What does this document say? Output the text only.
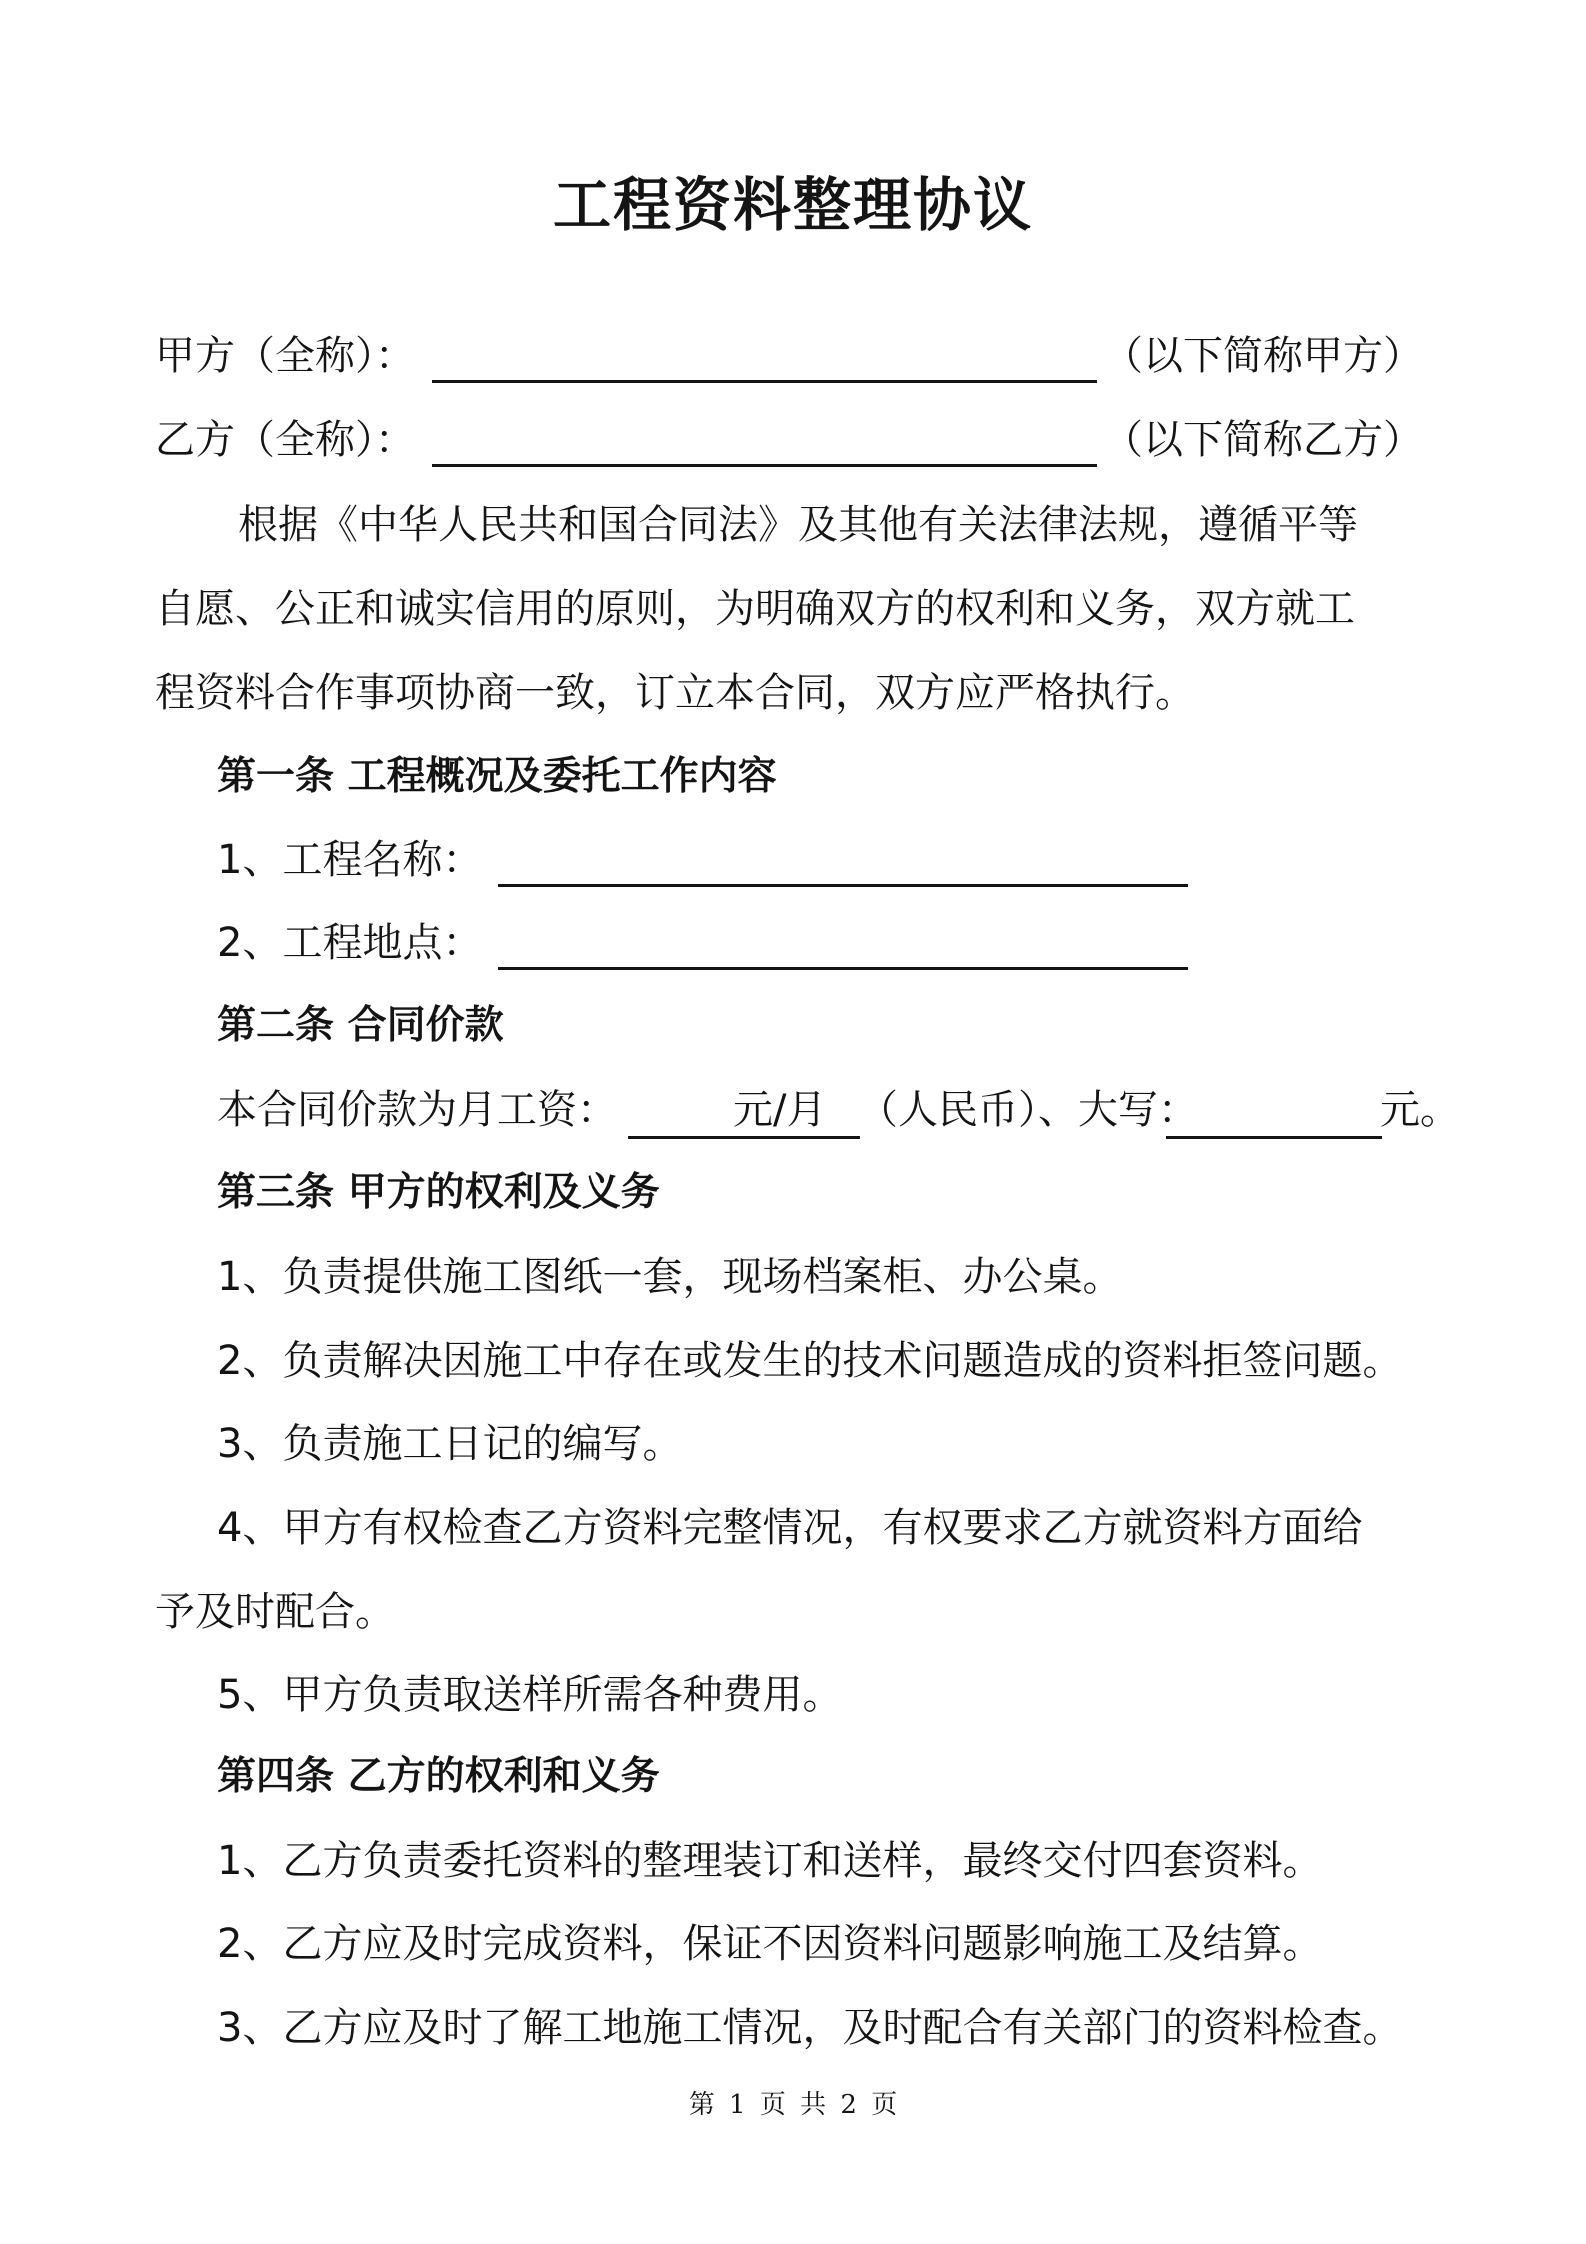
工程资料整理协议
甲方（全称）：	（以下简称甲方）
乙方（全称）：	（以下简称乙方）
根据《中华人民共和国合同法》及其他有关法律法规，遵循平等
自愿、公正和诚实信用的原则，为明确双方的权利和义务，双方就工
程资料合作事项协商一致，订立本合同，双方应严格执行。
第一条 工程概况及委托工作内容
1、工程名称：
2、工程地点：
第二条 合同价款
本合同价款为月工资：	元/月 （人民币）、大写：	元。
第三条 甲方的权利及义务
1、负责提供施工图纸一套，现场档案柜、办公桌。
2、负责解决因施工中存在或发生的技术问题造成的资料拒签问题。
3、负责施工日记的编写。
4、甲方有权检查乙方资料完整情况，有权要求乙方就资料方面给
予及时配合。
5、甲方负责取送样所需各种费用。
第四条 乙方的权利和义务
1、乙方负责委托资料的整理装订和送样，最终交付四套资料。
2、乙方应及时完成资料，保证不因资料问题影响施工及结算。
3、乙方应及时了解工地施工情况，及时配合有关部门的资料检查。
第 1 页 共 2 页
